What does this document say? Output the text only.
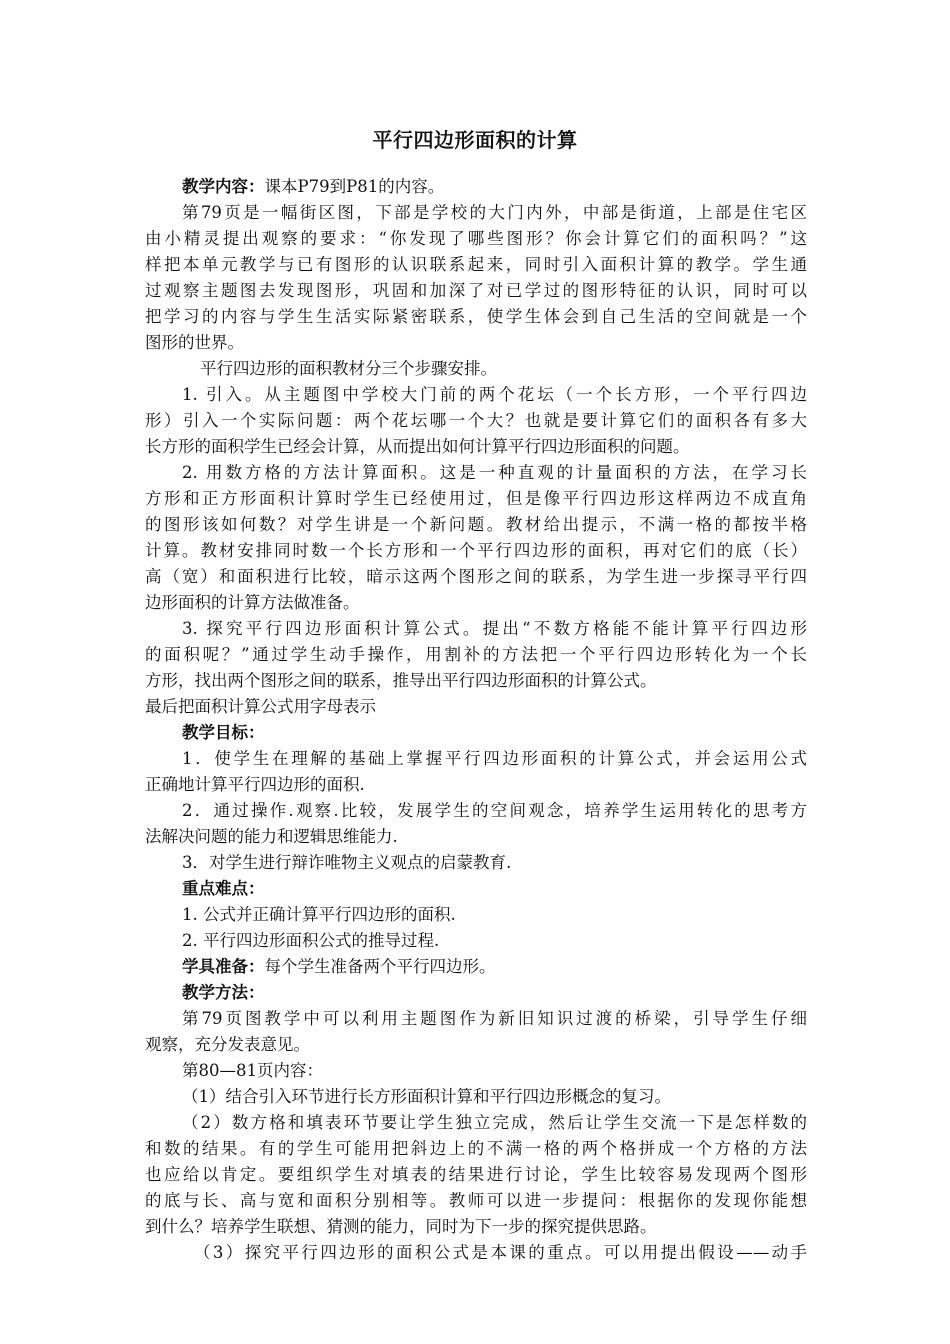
平行四边形面积的计算
教学内容：课本P79到P81的内容。
第79页是一幅街区图，下部是学校的大门内外，中部是街道，上部是住宅区
由小精灵提出观察的要求：“你发现了哪些图形？你会计算它们的面积吗？”这
样把本单元教学与已有图形的认识联系起来，同时引入面积计算的教学。学生通
过观察主题图去发现图形，巩固和加深了对已学过的图形特征的认识，同时可以
把学习的内容与学生生活实际紧密联系，使学生体会到自己生活的空间就是一个
图形的世界。
平行四边形的面积教材分三个步骤安排。
1. 引入。从主题图中学校大门前的两个花坛（一个长方形，一个平行四边
形）引入一个实际问题：两个花坛哪一个大？也就是要计算它们的面积各有多大
长方形的面积学生已经会计算，从而提出如何计算平行四边形面积的问题。
2. 用数方格的方法计算面积。这是一种直观的计量面积的方法，在学习长
方形和正方形面积计算时学生已经使用过，但是像平行四边形这样两边不成直角
的图形该如何数？对学生讲是一个新问题。教材给出提示，不满一格的都按半格
计算。教材安排同时数一个长方形和一个平行四边形的面积，再对它们的底（长）
高（宽）和面积进行比较，暗示这两个图形之间的联系，为学生进一步探寻平行四
边形面积的计算方法做准备。
3. 探究平行四边形面积计算公式。提出“不数方格能不能计算平行四边形
的面积呢？”通过学生动手操作，用割补的方法把一个平行四边形转化为一个长
方形，找出两个图形之间的联系，推导出平行四边形面积的计算公式。
最后把面积计算公式用字母表示
教学目标：
1．使学生在理解的基础上掌握平行四边形面积的计算公式，并会运用公式
正确地计算平行四边形的面积.
2．通过操作.观察.比较，发展学生的空间观念，培养学生运用转化的思考方
法解决问题的能力和逻辑思维能力.
3．对学生进行辩诈唯物主义观点的启蒙教育.
重点难点：
1. 公式并正确计算平行四边形的面积.
2. 平行四边形面积公式的推导过程.
学具准备：每个学生准备两个平行四边形。
教学方法：
第79页图教学中可以利用主题图作为新旧知识过渡的桥梁，引导学生仔细
观察，充分发表意见。
第80—81页内容：
（1）结合引入环节进行长方形面积计算和平行四边形概念的复习。
（2）数方格和填表环节要让学生独立完成，然后让学生交流一下是怎样数的
和数的结果。有的学生可能用把斜边上的不满一格的两个格拼成一个方格的方法
也应给以肯定。要组织学生对填表的结果进行讨论，学生比较容易发现两个图形
的底与长、高与宽和面积分别相等。教师可以进一步提问：根据你的发现你能想
到什么？培养学生联想、猜测的能力，同时为下一步的探究提供思路。
（3）探究平行四边形的面积公式是本课的重点。可以用提出假设——动手
